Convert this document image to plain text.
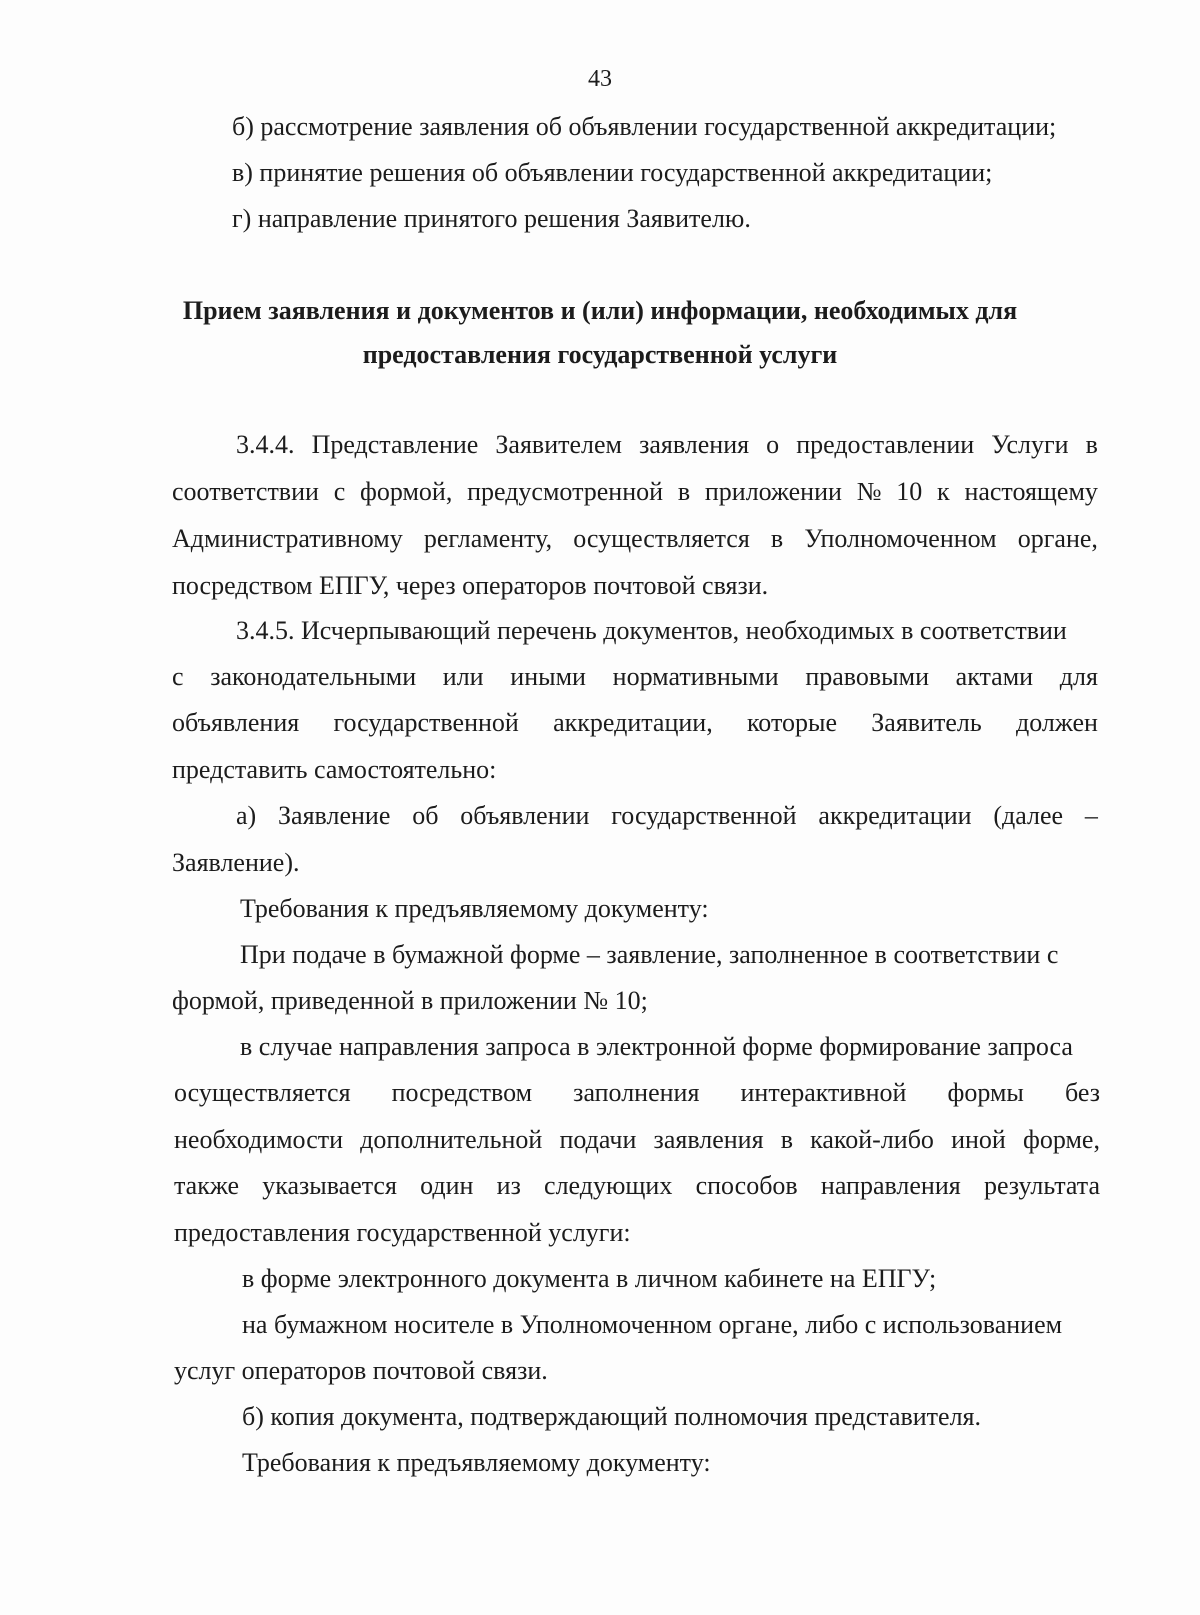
43
б) рассмотрение заявления об объявлении государственной аккредитации;
в) принятие решения об объявлении государственной аккредитации;
г) направление принятого решения Заявителю.
Прием заявления и документов и (или) информации, необходимых для
предоставления государственной услуги
3.4.4. Представление Заявителем заявления о предоставлении Услуги в
соответствии с формой, предусмотренной в приложении № 10 к настоящему
Административному регламенту, осуществляется в Уполномоченном органе,
посредством ЕПГУ, через операторов почтовой связи.
3.4.5. Исчерпывающий перечень документов, необходимых в соответствии
с законодательными или иными нормативными правовыми актами для
объявления государственной аккредитации, которые Заявитель должен
представить самостоятельно:
а) Заявление об объявлении государственной аккредитации (далее –
Заявление).
Требования к предъявляемому документу:
При подаче в бумажной форме – заявление, заполненное в соответствии с
формой, приведенной в приложении № 10;
в случае направления запроса в электронной форме формирование запроса
осуществляется посредством заполнения интерактивной формы без
необходимости дополнительной подачи заявления в какой-либо иной форме,
также указывается один из следующих способов направления результата
предоставления государственной услуги:
в форме электронного документа в личном кабинете на ЕПГУ;
на бумажном носителе в Уполномоченном органе, либо с использованием
услуг операторов почтовой связи.
б) копия документа, подтверждающий полномочия представителя.
Требования к предъявляемому документу:
